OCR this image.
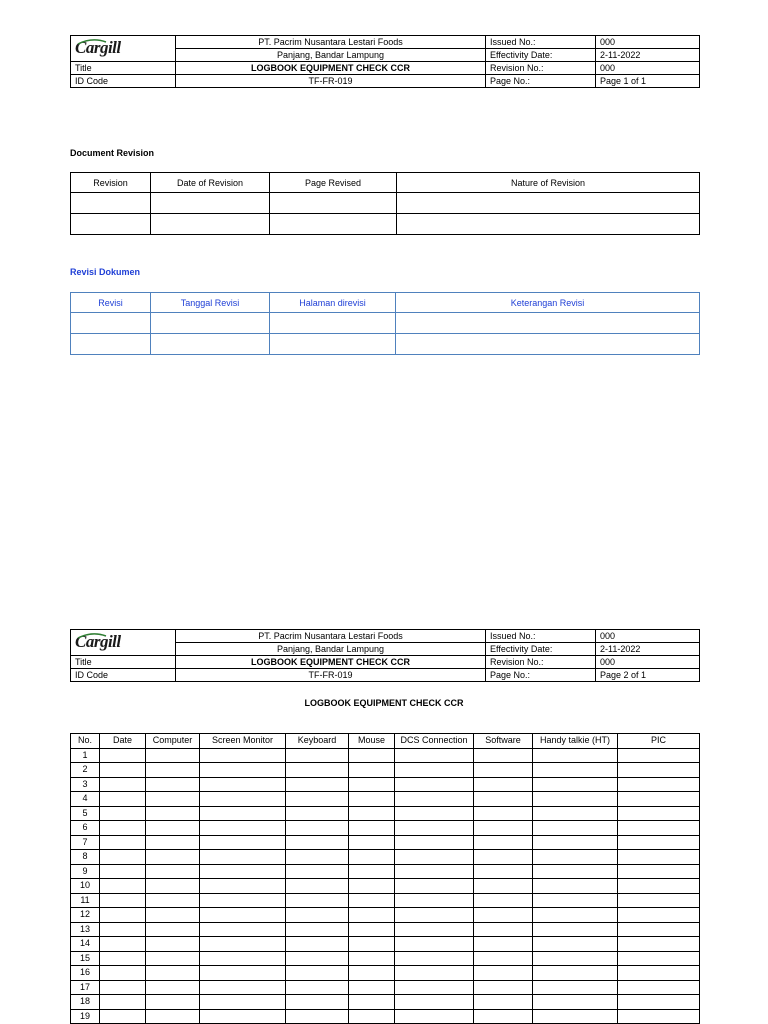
Cargill	PT. Pacrim Nusantara Lestari Foods	Issued No.:	000
	Panjang, Bandar Lampung	Effectivity Date:	2-11-2022
Title	LOGBOOK EQUIPMENT CHECK CCR	Revision No.:	000
ID Code	TF-FR-019	Page No.:	Page 1 of 1
Document Revision
Revision	Date of Revision	Page Revised	Nature of Revision

Revisi Dokumen
Revisi	Tanggal Revisi	Halaman direvisi	Keterangan Revisi

Cargill	PT. Pacrim Nusantara Lestari Foods	Issued No.:	000
	Panjang, Bandar Lampung	Effectivity Date:	2-11-2022
Title	LOGBOOK EQUIPMENT CHECK CCR	Revision No.:	000
ID Code	TF-FR-019	Page No.:	Page 2 of 1
LOGBOOK EQUIPMENT CHECK CCR
No.	Date	Computer	Screen Monitor	Keyboard	Mouse	DCS Connection	Software	Handy talkie (HT)	PIC
1									
2									
3									
4									
5									
6									
7									
8									
9									
10									
11									
12									
13									
14									
15									
16									
17									
18									
19									
